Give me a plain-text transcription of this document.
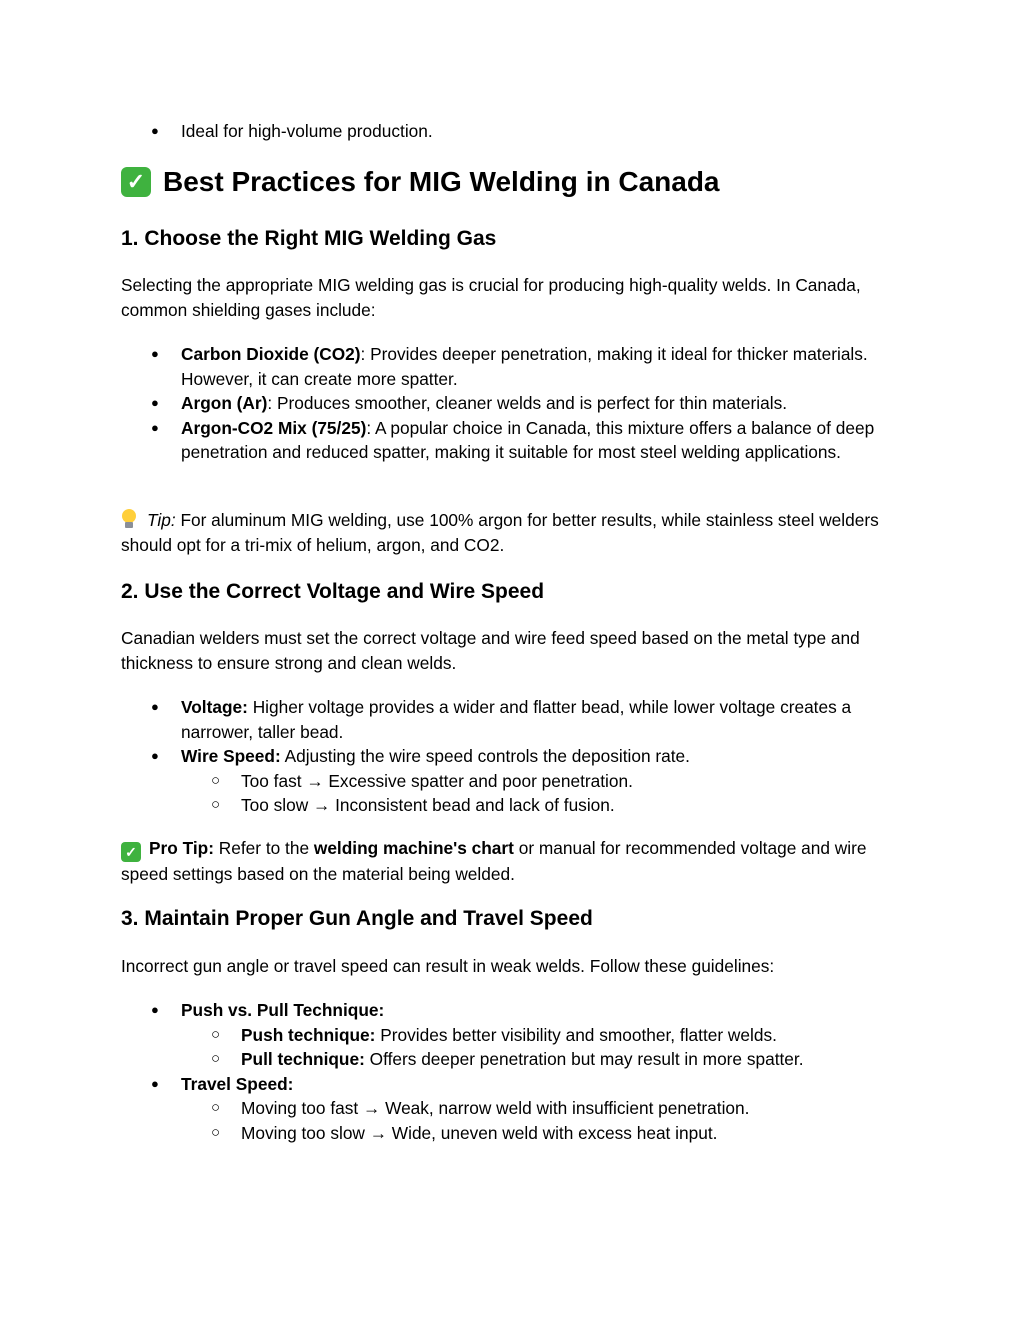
● Ideal for high-volume production.
✓ Best Practices for MIG Welding in Canada
1. Choose the Right MIG Welding Gas

Selecting the appropriate MIG welding gas is crucial for producing high-quality welds. In Canada, common shielding gases include:

● Carbon Dioxide (CO2): Provides deeper penetration, making it ideal for thicker materials. However, it can create more spatter.
● Argon (Ar): Produces smoother, cleaner welds and is perfect for thin materials.
● Argon-CO2 Mix (75/25): A popular choice in Canada, this mixture offers a balance of deep penetration and reduced spatter, making it suitable for most steel welding applications.

Tip: For aluminum MIG welding, use 100% argon for better results, while stainless steel welders should opt for a tri-mix of helium, argon, and CO2.

2. Use the Correct Voltage and Wire Speed

Canadian welders must set the correct voltage and wire feed speed based on the metal type and thickness to ensure strong and clean welds.

● Voltage: Higher voltage provides a wider and flatter bead, while lower voltage creates a narrower, taller bead.
● Wire Speed: Adjusting the wire speed controls the deposition rate.
○ Too fast → Excessive spatter and poor penetration.
○ Too slow → Inconsistent bead and lack of fusion.

✓ Pro Tip: Refer to the welding machine's chart or manual for recommended voltage and wire speed settings based on the material being welded.

3. Maintain Proper Gun Angle and Travel Speed

Incorrect gun angle or travel speed can result in weak welds. Follow these guidelines:

● Push vs. Pull Technique:
○ Push technique: Provides better visibility and smoother, flatter welds.
○ Pull technique: Offers deeper penetration but may result in more spatter.
● Travel Speed:
○ Moving too fast → Weak, narrow weld with insufficient penetration.
○ Moving too slow → Wide, uneven weld with excess heat input.
